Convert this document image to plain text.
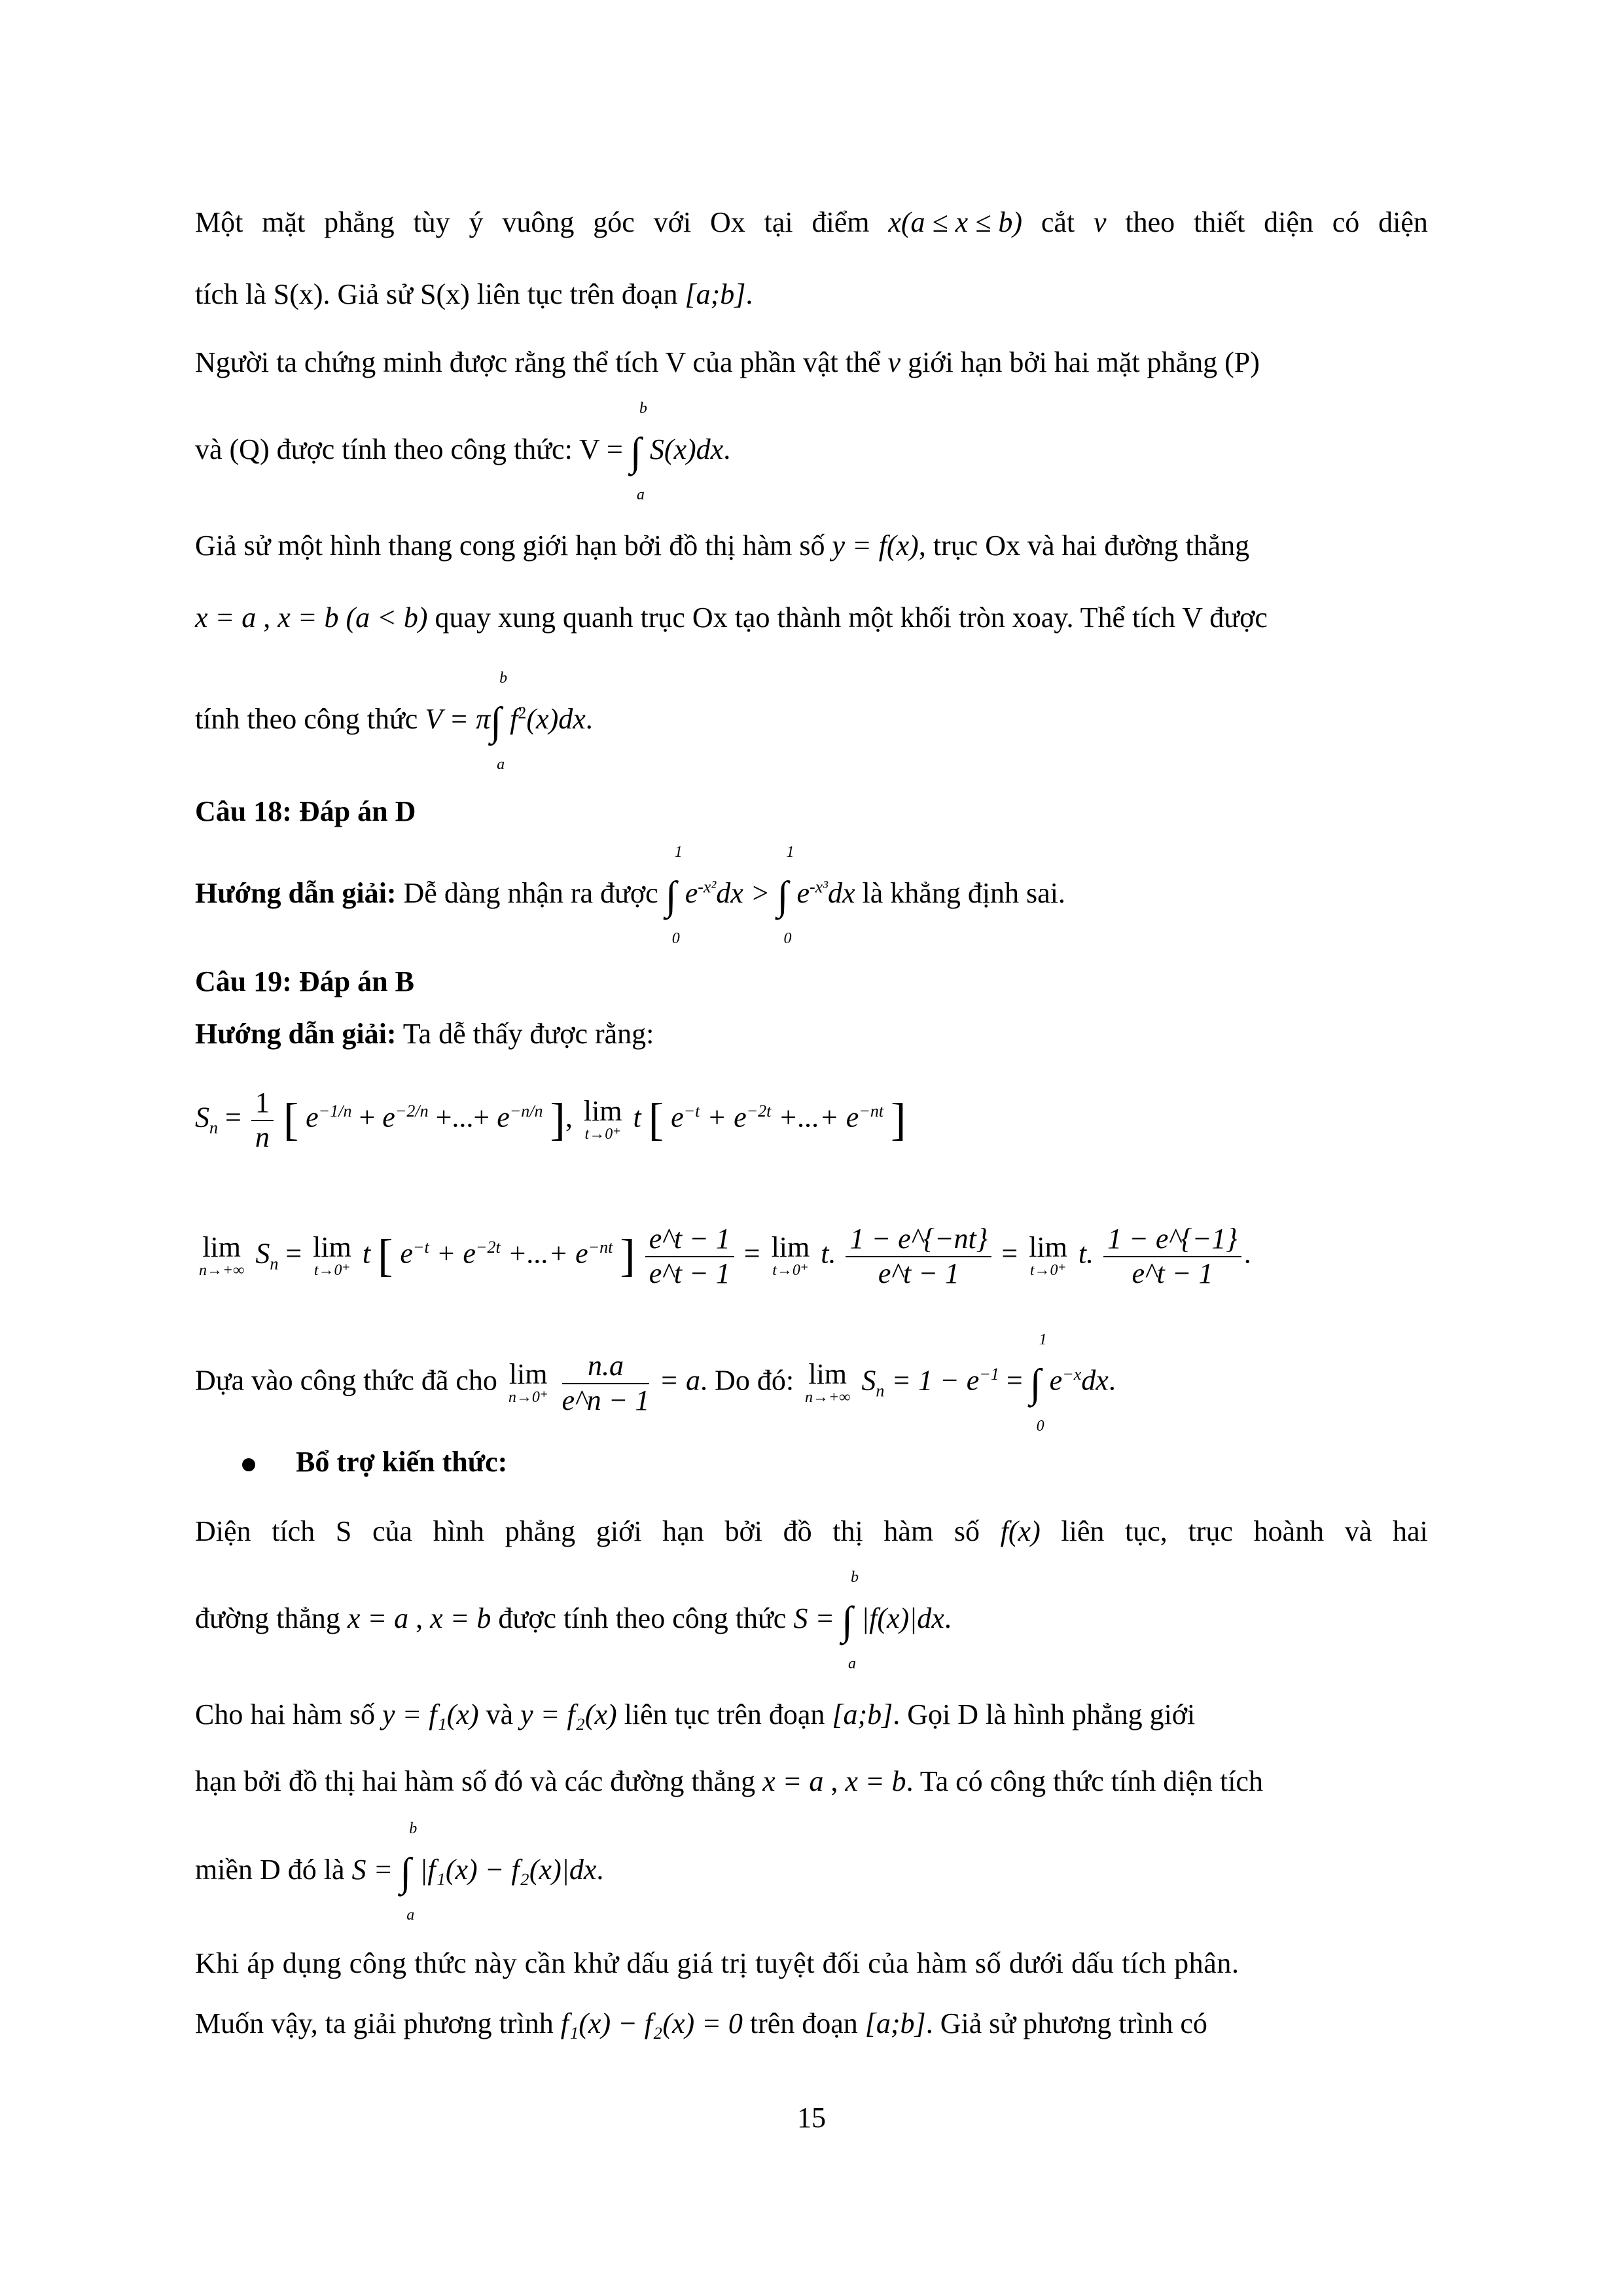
Một mặt phẳng tùy ý vuông góc với Ox tại điểm x(a ≤ x ≤ b) cắt ν theo thiết diện có diện
tích là S(x). Giả sử S(x) liên tục trên đoạn [a;b].
Người ta chứng minh được rằng thể tích V của phần vật thể ν giới hạn bởi hai mặt phẳng (P)
và (Q) được tính theo công thức: V = ∫
b
a
S(x)dx.
Giả sử một hình thang cong giới hạn bởi đồ thị hàm số y = f(x), trục Ox và hai đường thẳng
x = a , x = b (a < b) quay xung quanh trục Ox tạo thành một khối tròn xoay. Thể tích V được
tính theo công thức V = π∫
b
a
$f^2(x)dx$.
Câu 18: Đáp án D
Hướng dẫn giải: Dễ dàng nhận ra được ∫
1
0
$e^{-x^2}dx$ > ∫
1
0
$e^{-x^3}dx$ là khẳng định sai.
Câu 19: Đáp án B
Hướng dẫn giải: Ta dễ thấy được rằng:
$S_n = \frac{1}{n}$ [ $e^{-1/n} + e^{-2/n}$ +...+ $e^{-n/n}$ ], lim
t→0⁺
t [ $e^{-t} + e^{-2t}$ +...+ $e^{-nt}$ ]
lim
n→+∞
$S_n = \lim$
t→0⁺
t [ $e^{-t} + e^{-2t}$ +...+ $e^{-nt}$ ] $\frac{e\^{}t - 1}{e\^{}t - 1} = \lim$
t→0⁺
t. $\frac{1 - e\^{}\{-nt\}}{e\^{}t - 1} = \lim$
t→0⁺
t. $\frac{1 - e\^{}\{-1\}}{e\^{}t - 1}$ .
Dựa vào công thức đã cho lim
n→0⁺
$\frac{n.a}{e\^{}n - 1} = a$. Do đó: lim
n→+∞
$S_n = 1 - e^{-1}$ = ∫
1
0
$e^{-x}dx$.
Bổ trợ kiến thức:
Diện tích S của hình phẳng giới hạn bởi đồ thị hàm số f(x) liên tục, trục hoành và hai
đường thẳng x = a , x = b được tính theo công thức S = ∫
b
a
|f(x)|dx.
Cho hai hàm số y = f₁(x) và y = f₂(x) liên tục trên đoạn [a;b]. Gọi D là hình phẳng giới
hạn bởi đồ thị hai hàm số đó và các đường thẳng x = a , x = b. Ta có công thức tính diện tích
miền D đó là S = ∫
b
a
|f₁(x) − f₂(x)|dx.
Khi áp dụng công thức này cần khử dấu giá trị tuyệt đối của hàm số dưới dấu tích phân.
Muốn vậy, ta giải phương trình f₁(x) − f₂(x) = 0 trên đoạn [a;b]. Giả sử phương trình có
15
